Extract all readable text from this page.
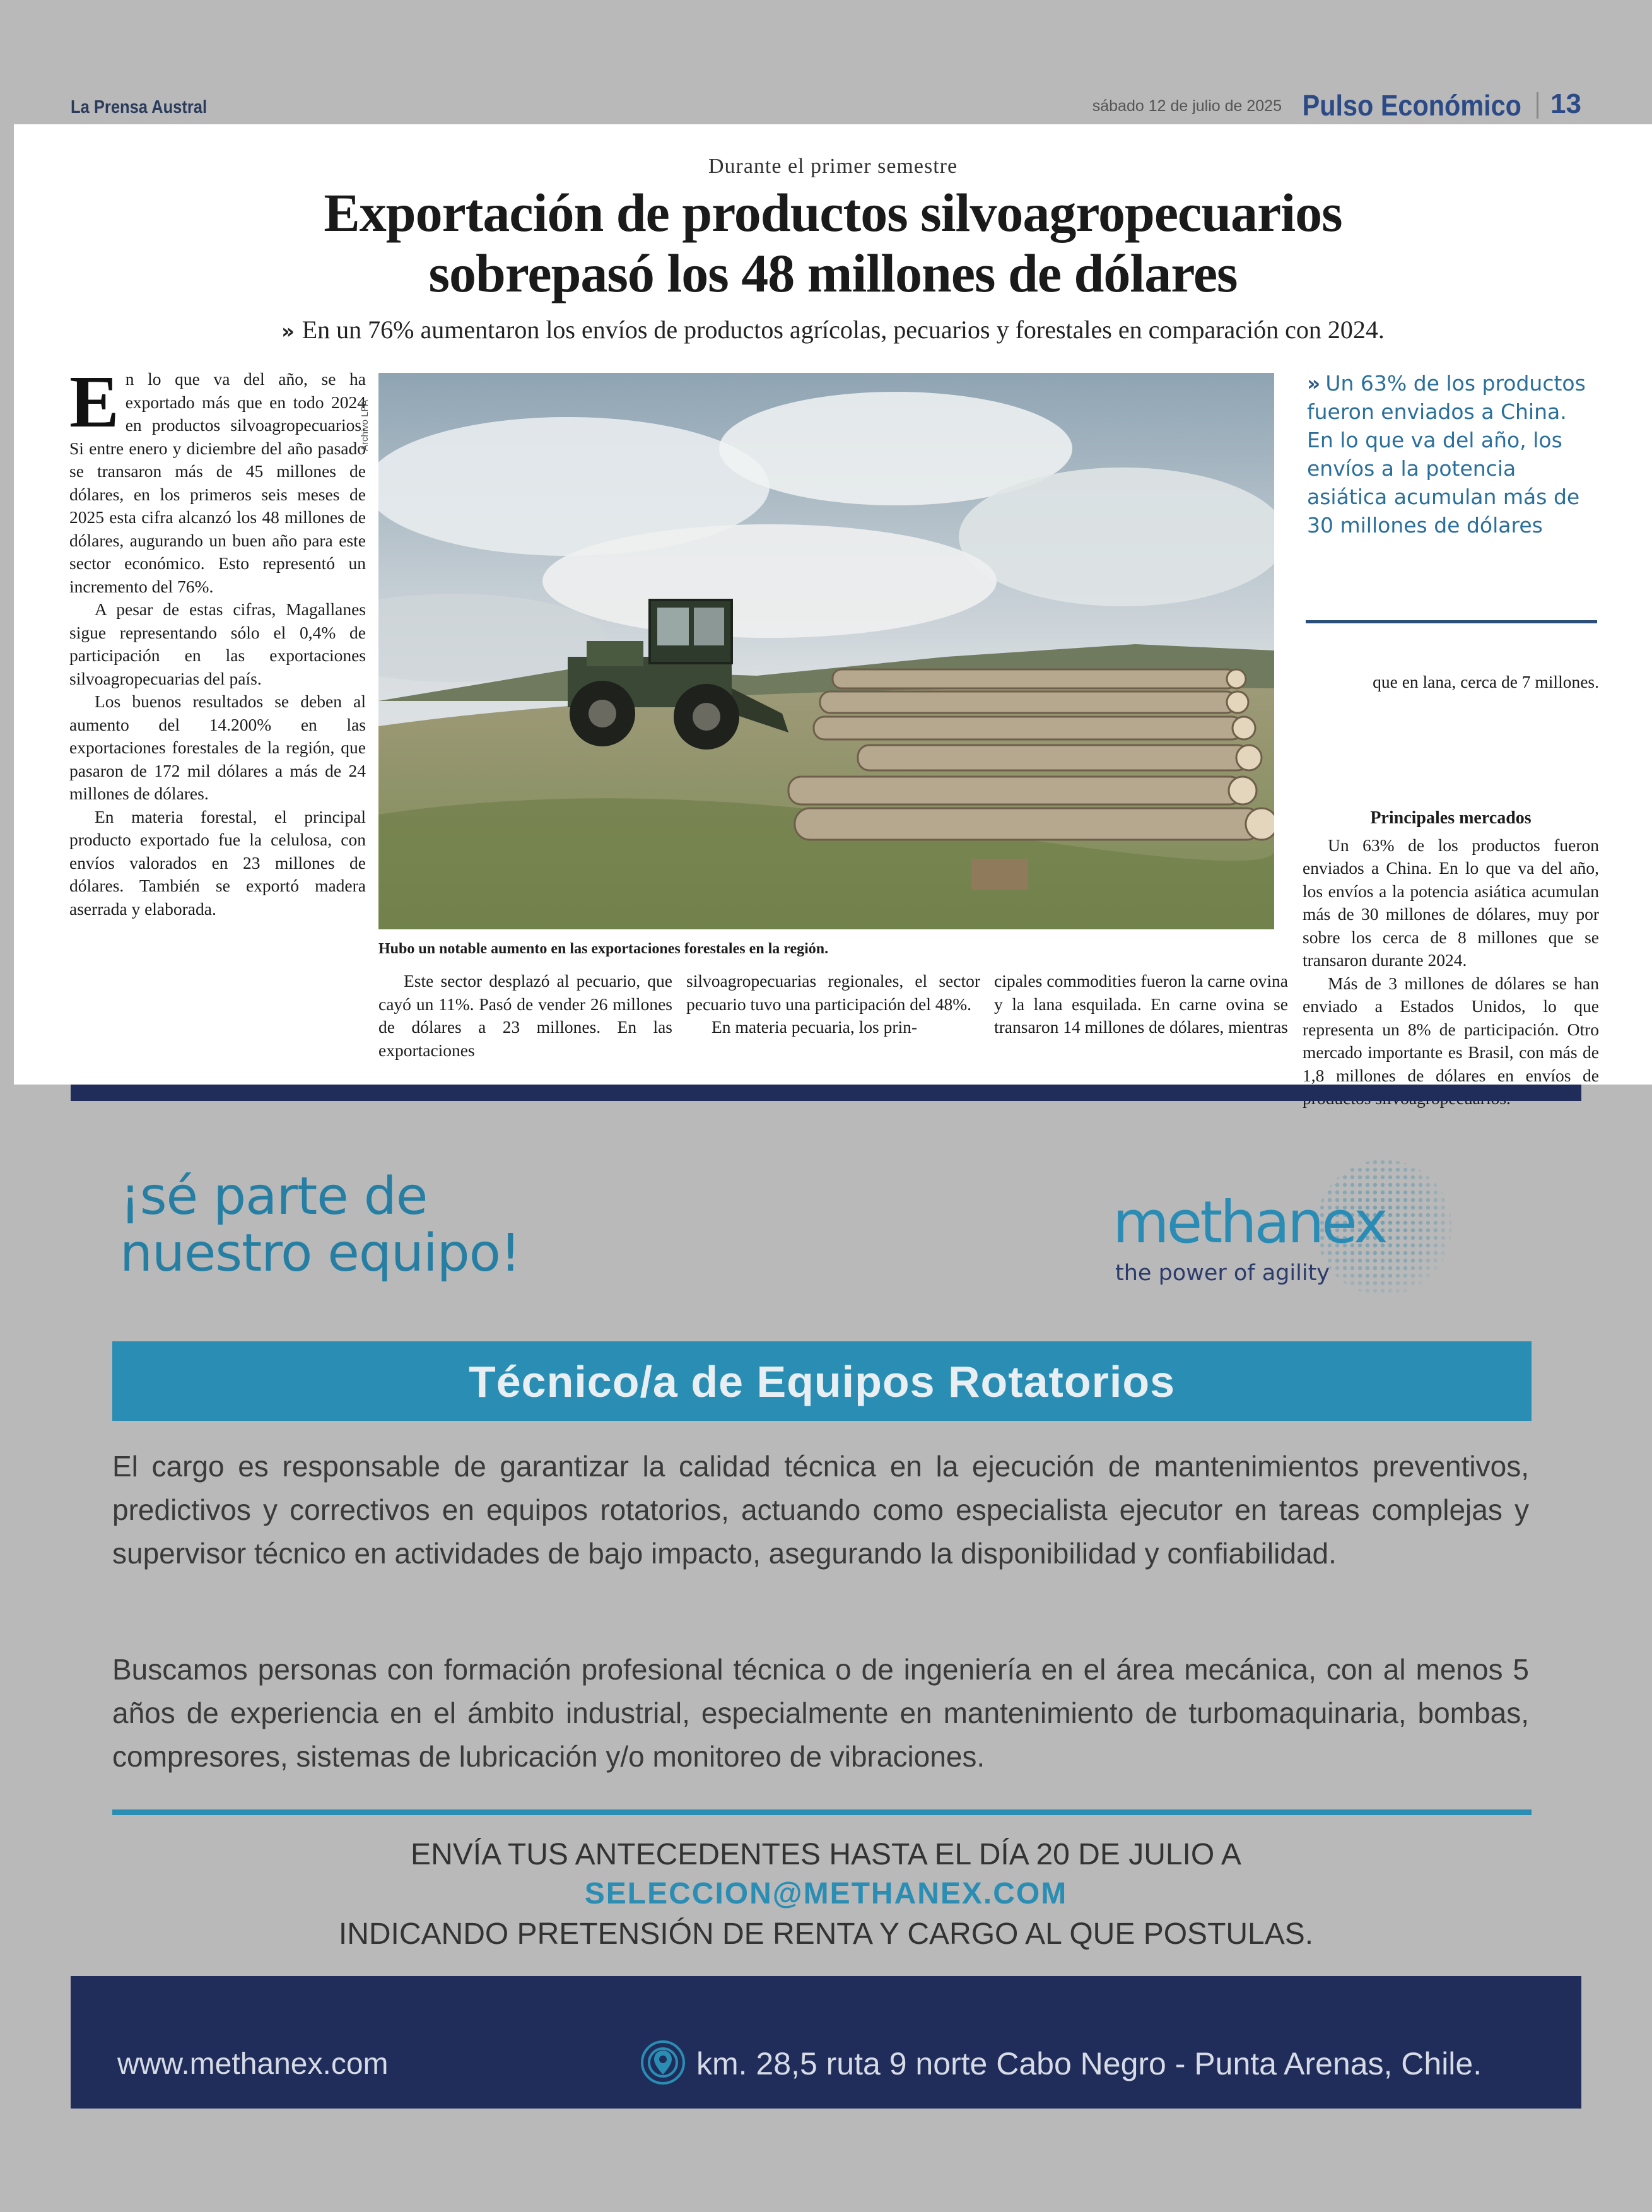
La Prensa Austral	sábado 12 de julio de 2025 Pulso Económico 13
Durante el primer semestre
Exportación de productos silvoagropecuarios
sobrepasó los 48 millones de dólares
» En un 76% aumentaron los envíos de productos agrícolas, pecuarios y forestales en comparación con 2024.

En lo que va del año, se ha exportado más que en todo 2024 en productos silvoagropecuarios. Si entre enero y diciembre del año pasado se transaron más de 45 millones de dólares, en los primeros seis meses de 2025 esta cifra alcanzó los 48 millones de dólares, augurando un buen año para este sector económico. Esto representó un incremento del 76%.

A pesar de estas cifras, Magallanes sigue representando sólo el 0,4% de participación en las exportaciones silvoagropecuarias del país.

Los buenos resultados se deben al aumento del 14.200% en las exportaciones forestales de la región, que pasaron de 172 mil dólares a más de 24 millones de dólares.

En materia forestal, el principal producto exportado fue la celulosa, con envíos valorados en 23 millones de dólares. También se exportó madera aserrada y elaborada.

Archivo LPA
Hubo un notable aumento en las exportaciones forestales en la región.

Este sector desplazó al pecuario, que cayó un 11%. Pasó de vender 26 millones de dólares a 23 millones. En las exportaciones

silvoagropecuarias regionales, el sector pecuario tuvo una participación del 48%.

En materia pecuaria, los prin-

cipales commodities fueron la carne ovina y la lana esquilada. En carne ovina se transaron 14 millones de dólares, mientras

» Un 63% de los productos fueron enviados a China. En lo que va del año, los envíos a la potencia asiática acumulan más de 30 millones de dólares

que en lana, cerca de 7 millones.

Principales mercados

Un 63% de los productos fueron enviados a China. En lo que va del año, los envíos a la potencia asiática acumulan más de 30 millones de dólares, muy por sobre los cerca de 8 millones que se transaron durante 2024.

Más de 3 millones de dólares se han enviado a Estados Unidos, lo que representa un 8% de participación. Otro mercado importante es Brasil, con más de 1,8 millones de dólares en envíos de

¡sé parte de
nuestro equipo!	methanex
the power of agility
Técnico/a de Equipos Rotatorios
El cargo es responsable de garantizar la calidad técnica en la ejecución de mantenimientos preventivos, predictivos y correctivos en equipos rotatorios, actuando como especialista ejecutor en tareas complejas y supervisor técnico en actividades de bajo impacto, asegurando la disponibilidad y confiabilidad.
Buscamos personas con formación profesional técnica o de ingeniería en el área mecánica, con al menos 5 años de experiencia en el ámbito industrial, especialmente en mantenimiento de turbomaquinaria, bombas, compresores, sistemas de lubricación y/o monitoreo de vibraciones.
ENVÍA TUS ANTECEDENTES HASTA EL DÍA 20 DE JULIO A
SELECCION@METHANEX.COM
INDICANDO PRETENSIÓN DE RENTA Y CARGO AL QUE POSTULAS.
www.methanex.com	km. 28,5 ruta 9 norte Cabo Negro - Punta Arenas, Chile.
